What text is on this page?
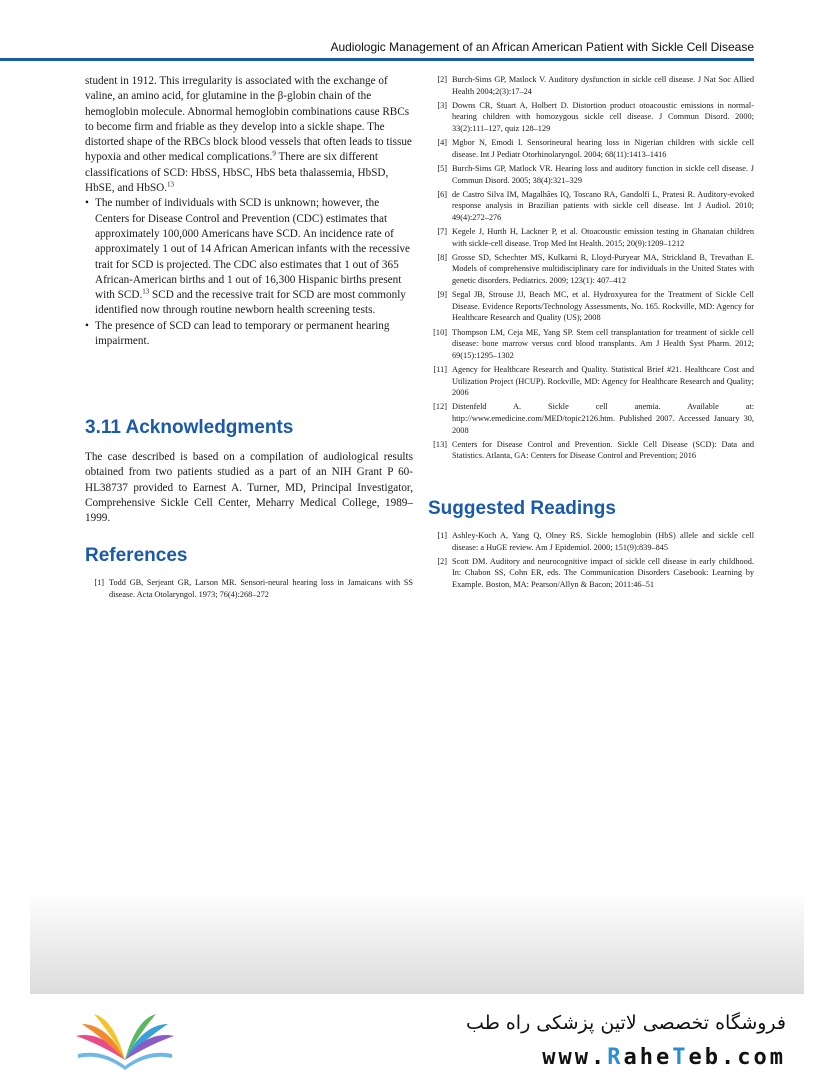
Audiologic Management of an African American Patient with Sickle Cell Disease

student in 1912. This irregularity is associated with the exchange of valine, an amino acid, for glutamine in the β-globin chain of the hemoglobin molecule. Abnormal hemoglobin combinations cause RBCs to become firm and friable as they develop into a sickle shape. The distorted shape of the RBCs block blood vessels that often leads to tissue hypoxia and other medical complications.$^9$ There are six different classifications of SCD: HbSS, HbSC, HbS beta thalassemia, HbSD, HbSE, and HbSO.$^{13}$

• The number of individuals with SCD is unknown; however, the Centers for Disease Control and Prevention (CDC) estimates that approximately 100,000 Americans have SCD. An incidence rate of approximately 1 out of 14 African American infants with the recessive trait for SCD is projected. The CDC also estimates that 1 out of 365 African-American births and 1 out of 16,300 Hispanic births present with SCD.$^{13}$ SCD and the recessive trait for SCD are most commonly identified now through routine newborn health screening tests.
• The presence of SCD can lead to temporary or permanent hearing impairment.
3.11 Acknowledgments

The case described is based on a compilation of audiological results obtained from two patients studied as a part of an NIH Grant P 60-HL38737 provided to Earnest A. Turner, MD, Principal Investigator, Comprehensive Sickle Cell Center, Meharry Medical College, 1989–1999.

References
[1] Todd GB, Serjeant GR, Larson MR. Sensori-neural hearing loss in Jamaicans with SS disease. Acta Otolaryngol. 1973; 76(4):268–272
[2] Burch-Sims GP, Matlock V. Auditory dysfunction in sickle cell disease. J Nat Soc Allied Health 2004;2(3):17–24
[3] Downs CR, Stuart A, Holbert D. Distortion product otoacoustic emissions in normal-hearing children with homozygous sickle cell disease. J Commun Disord. 2000; 33(2):111–127, quiz 128–129
[4] Mgbor N, Emodi I. Sensorineural hearing loss in Nigerian children with sickle cell disease. Int J Pediatr Otorhinolaryngol. 2004; 68(11):1413–1416
[5] Burch-Sims GP, Matlock VR. Hearing loss and auditory function in sickle cell disease. J Commun Disord. 2005; 38(4):321–329
[6] de Castro Silva IM, Magalhães IQ, Toscano RA, Gandolfi L, Pratesi R. Auditory-evoked response analysis in Brazilian patients with sickle cell disease. Int J Audiol. 2010; 49(4):272–276
[7] Kegele J, Hurth H, Lackner P, et al. Otoacoustic emission testing in Ghanaian children with sickle-cell disease. Trop Med Int Health. 2015; 20(9):1209–1212
[8] Grosse SD, Schechter MS, Kulkarni R, Lloyd-Puryear MA, Strickland B, Trevathan E. Models of comprehensive multidisciplinary care for individuals in the United States with genetic disorders. Pediatrics. 2009; 123(1): 407–412
[9] Segal JB, Strouse JJ, Beach MC, et al. Hydroxyurea for the Treatment of Sickle Cell Disease. Evidence Reports/Technology Assessments, No. 165. Rockville, MD: Agency for Healthcare Research and Quality (US); 2008
[10] Thompson LM, Ceja ME, Yang SP. Stem cell transplantation for treatment of sickle cell disease: bone marrow versus cord blood transplants. Am J Health Syst Pharm. 2012; 69(15):1295–1302
[11] Agency for Healthcare Research and Quality. Statistical Brief #21. Healthcare Cost and Utilization Project (HCUP). Rockville, MD: Agency for Healthcare Research and Quality; 2006
[12] Distenfeld A. Sickle cell anemia. Available at: http://www.emedicine.com/MED/topic2126.htm. Published 2007. Accessed January 30, 2008
[13] Centers for Disease Control and Prevention. Sickle Cell Disease (SCD): Data and Statistics. Atlanta, GA: Centers for Disease Control and Prevention; 2016
Suggested Readings
[1] Ashley-Koch A, Yang Q, Olney RS. Sickle hemoglobin (HbS) allele and sickle cell disease: a HuGE review. Am J Epidemiol. 2000; 151(9):839–845
[2] Scott DM. Auditory and neurocognitive impact of sickle cell disease in early childhood. In: Chabon SS, Cohn ER, eds. The Communication Disorders Casebook: Learning by Example. Boston, MA: Pearson/Allyn & Bacon; 2011:46–51
فروشگاه تخصصی لاتین پزشکی راه طب
www.RaheTeb.com
